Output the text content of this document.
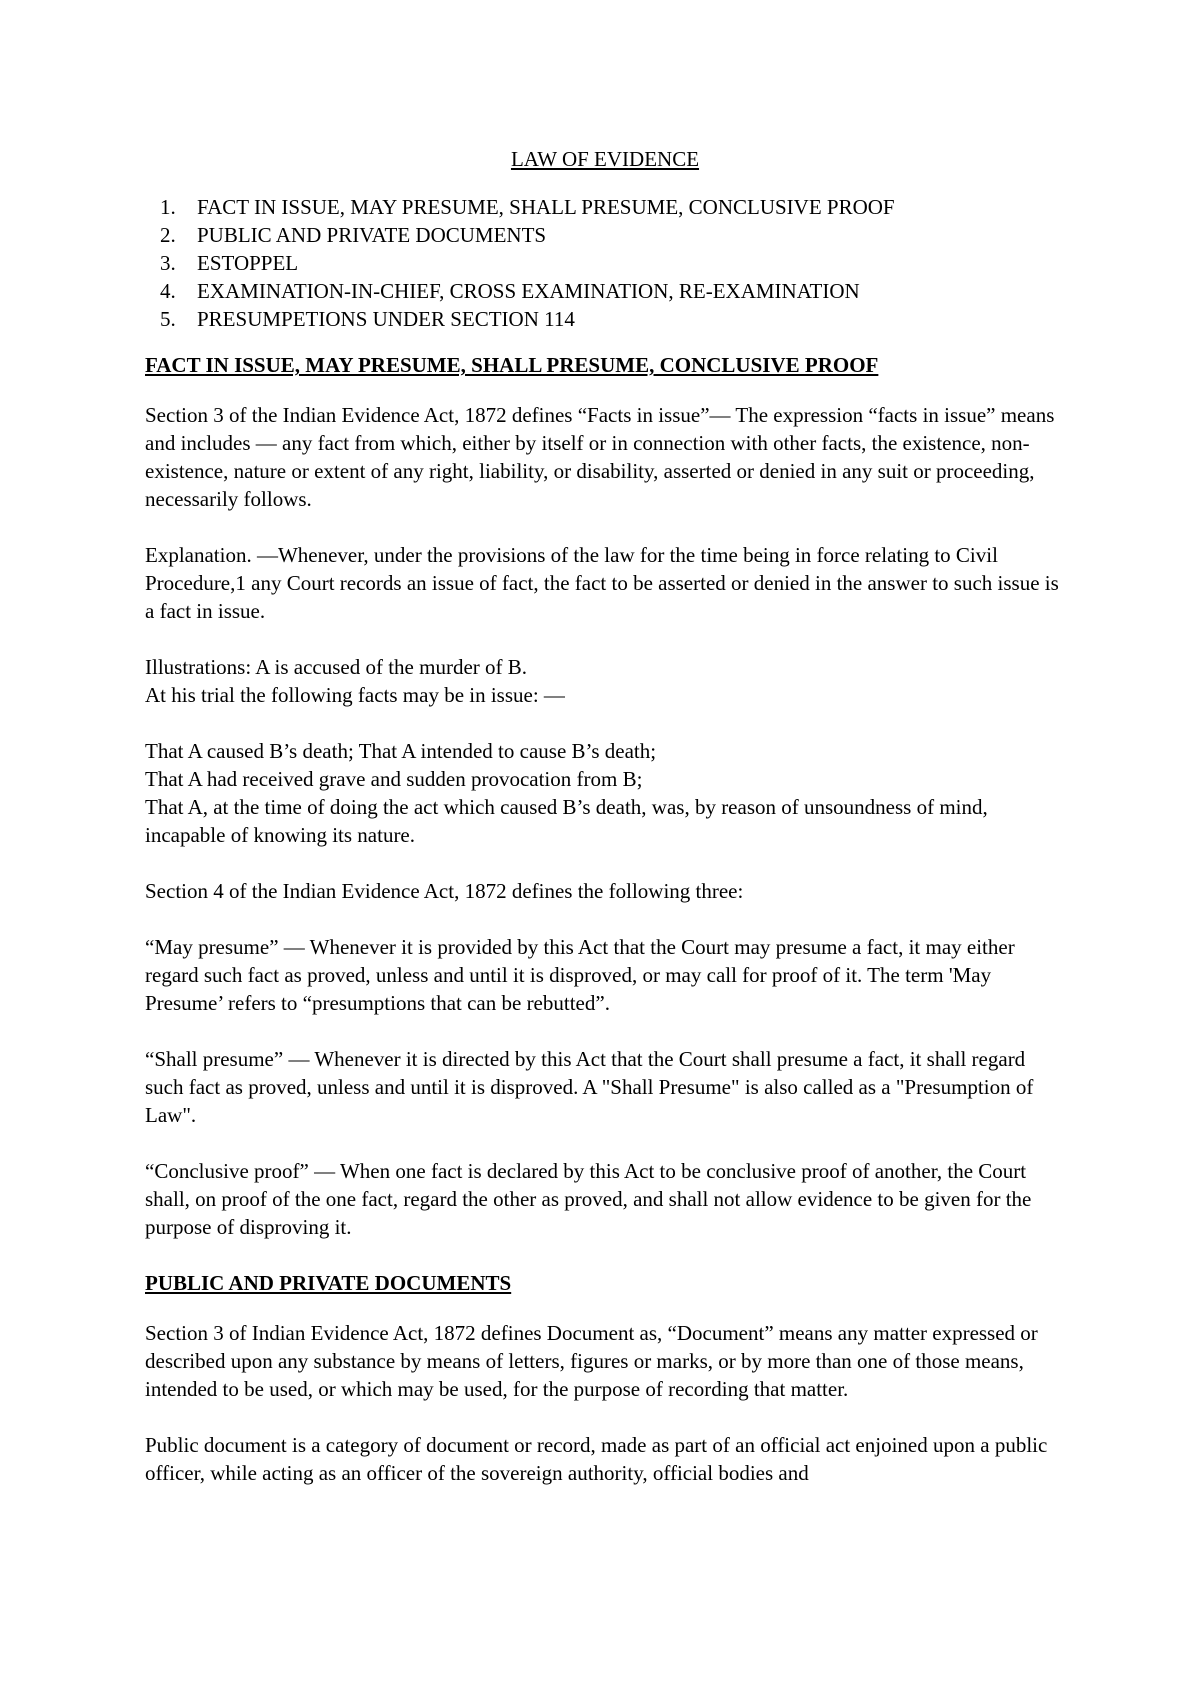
LAW OF EVIDENCE
1. FACT IN ISSUE, MAY PRESUME, SHALL PRESUME, CONCLUSIVE PROOF
2. PUBLIC AND PRIVATE DOCUMENTS
3. ESTOPPEL
4. EXAMINATION-IN-CHIEF, CROSS EXAMINATION, RE-EXAMINATION
5. PRESUMPETIONS UNDER SECTION 114
FACT IN ISSUE, MAY PRESUME, SHALL PRESUME, CONCLUSIVE PROOF

Section 3 of the Indian Evidence Act, 1872 defines “Facts in issue”— The expression “facts in issue” means and includes — any fact from which, either by itself or in connection with other facts, the existence, non-existence, nature or extent of any right, liability, or disability, asserted or denied in any suit or proceeding, necessarily follows.

Explanation. —Whenever, under the provisions of the law for the time being in force relating to Civil Procedure,1 any Court records an issue of fact, the fact to be asserted or denied in the answer to such issue is a fact in issue.

Illustrations: A is accused of the murder of B.

At his trial the following facts may be in issue: —

That A caused B’s death; That A intended to cause B’s death;

That A had received grave and sudden provocation from B;

That A, at the time of doing the act which caused B’s death, was, by reason of unsoundness of mind, incapable of knowing its nature.

Section 4 of the Indian Evidence Act, 1872 defines the following three:

“May presume” — Whenever it is provided by this Act that the Court may presume a fact, it may either regard such fact as proved, unless and until it is disproved, or may call for proof of it. The term 'May Presume’ refers to “presumptions that can be rebutted”.

“Shall presume” — Whenever it is directed by this Act that the Court shall presume a fact, it shall regard such fact as proved, unless and until it is disproved. A "Shall Presume" is also called as a "Presumption of Law".

“Conclusive proof” — When one fact is declared by this Act to be conclusive proof of another, the Court shall, on proof of the one fact, regard the other as proved, and shall not allow evidence to be given for the purpose of disproving it.

PUBLIC AND PRIVATE DOCUMENTS

Section 3 of Indian Evidence Act, 1872 defines Document as, “Document” means any matter expressed or described upon any substance by means of letters, figures or marks, or by more than one of those means, intended to be used, or which may be used, for the purpose of recording that matter.

Public document is a category of document or record, made as part of an official act enjoined upon a public officer, while acting as an officer of the sovereign authority, official bodies and
